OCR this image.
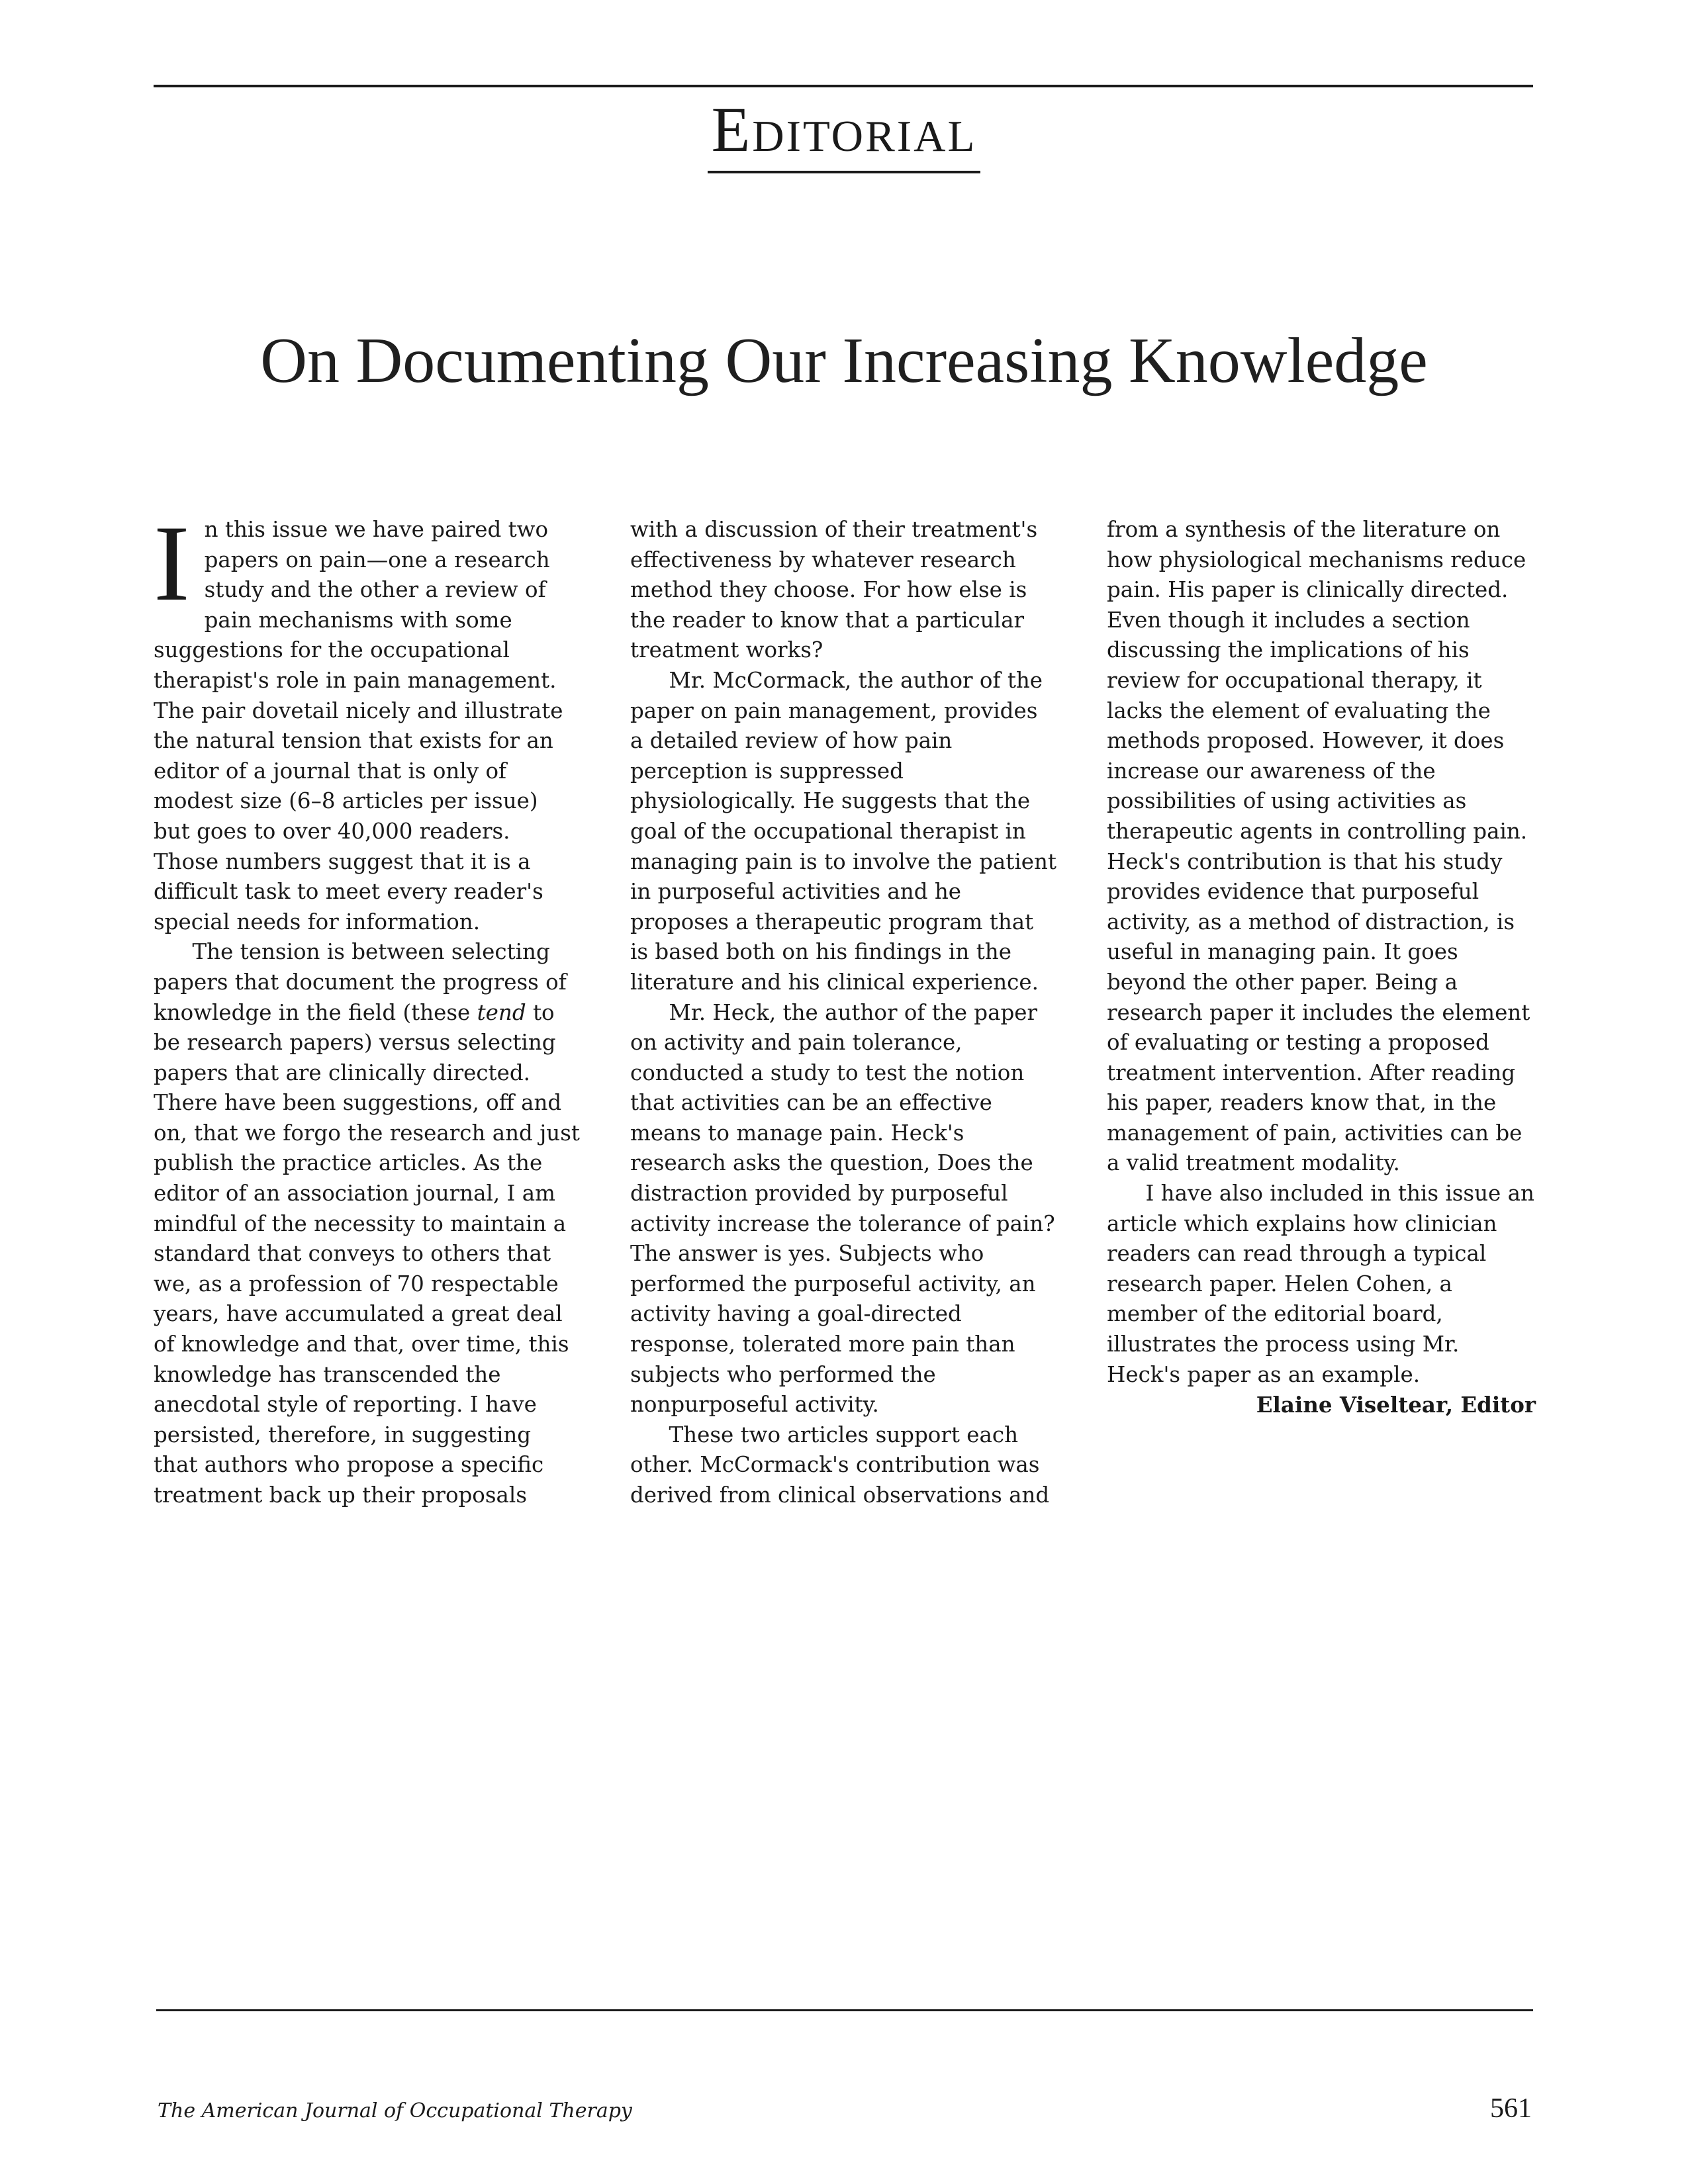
Editorial
On Documenting Our Increasing Knowledge

In this issue we have paired two papers on pain—one a research study and the other a review of pain mechanisms with some suggestions for the occupational therapist's role in pain management. The pair dovetail nicely and illustrate the natural tension that exists for an editor of a journal that is only of modest size (6–8 articles per issue) but goes to over 40,000 readers. Those numbers suggest that it is a difficult task to meet every reader's special needs for information.

The tension is between selecting papers that document the progress of knowledge in the field (these tend to be research papers) versus selecting papers that are clinically directed. There have been suggestions, off and on, that we forgo the research and just publish the practice articles. As the editor of an association journal, I am mindful of the necessity to maintain a standard that conveys to others that we, as a profession of 70 respectable years, have accumulated a great deal of knowledge and that, over time, this knowledge has transcended the anecdotal style of reporting. I have persisted, therefore, in suggesting that authors who propose a specific treatment back up their proposals

with a discussion of their treatment's effectiveness by whatever research method they choose. For how else is the reader to know that a particular treatment works?

Mr. McCormack, the author of the paper on pain management, provides a detailed review of how pain perception is suppressed physiologically. He suggests that the goal of the occupational therapist in managing pain is to involve the patient in purposeful activities and he proposes a therapeutic program that is based both on his findings in the literature and his clinical experience.

Mr. Heck, the author of the paper on activity and pain tolerance, conducted a study to test the notion that activities can be an effective means to manage pain. Heck's research asks the question, Does the distraction provided by purposeful activity increase the tolerance of pain? The answer is yes. Subjects who performed the purposeful activity, an activity having a goal-directed response, tolerated more pain than subjects who performed the nonpurposeful activity.

These two articles support each other. McCormack's contribution was derived from clinical observations and

from a synthesis of the literature on how physiological mechanisms reduce pain. His paper is clinically directed. Even though it includes a section discussing the implications of his review for occupational therapy, it lacks the element of evaluating the methods proposed. However, it does increase our awareness of the possibilities of using activities as therapeutic agents in controlling pain. Heck's contribution is that his study provides evidence that purposeful activity, as a method of distraction, is useful in managing pain. It goes beyond the other paper. Being a research paper it includes the element of evaluating or testing a proposed treatment intervention. After reading his paper, readers know that, in the management of pain, activities can be a valid treatment modality.

I have also included in this issue an article which explains how clinician readers can read through a typical research paper. Helen Cohen, a member of the editorial board, illustrates the process using Mr. Heck's paper as an example.

Elaine Viseltear, Editor

The American Journal of Occupational Therapy	561
